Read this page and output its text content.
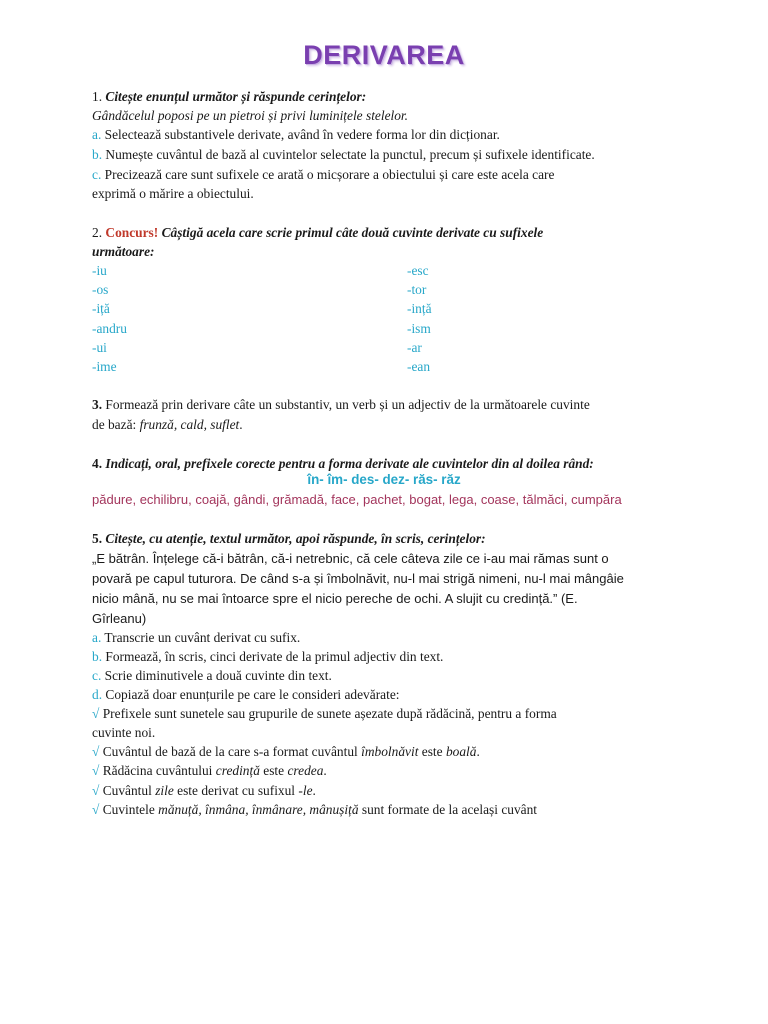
DERIVAREA
1. Citește enunțul următor și răspunde cerințelor:
Gândăcelul poposi pe un pietroi și privi luminițele stelelor.
a. Selectează substantivele derivate, având în vedere forma lor din dicționar.
b. Numește cuvântul de bază al cuvintelor selectate la punctul, precum și sufixele identificate.
c. Precizează care sunt sufixele ce arată o micșorare a obiectului și care este acela care
exprimă o mărire a obiectului.
2. Concurs! Câștigă acela care scrie primul câte două cuvinte derivate cu sufixele
următoare:
-iu
-os
-iță
-andru
-ui
-ime
-esc
-tor
-ință
-ism
-ar
-ean
3. Formează prin derivare câte un substantiv, un verb și un adjectiv de la următoarele cuvinte
de bază: frunză, cald, suflet.
4. Indicați, oral, prefixele corecte pentru a forma derivate ale cuvintelor din al doilea rând:
în- îm- des- dez- răs- răz
pădure, echilibru, coajă, gândi, grămadă, face, pachet, bogat, lega, coase, tălmăci, cumpăra
5. Citește, cu atenție, textul următor, apoi răspunde, în scris, cerințelor:
„E bătrân. Înțelege că-i bătrân, că-i netrebnic, că cele câteva zile ce i-au mai rămas sunt o
povară pe capul tuturora. De când s-a și îmbolnăvit, nu-l mai strigă nimeni, nu-l mai mângâie
nicio mână, nu se mai întoarce spre el nicio pereche de ochi. A slujit cu credință.” (E.
Gîrleanu)
a. Transcrie un cuvânt derivat cu sufix.
b. Formează, în scris, cinci derivate de la primul adjectiv din text.
c. Scrie diminutivele a două cuvinte din text.
d. Copiază doar enunțurile pe care le consideri adevărate:
√ Prefixele sunt sunetele sau grupurile de sunete așezate după rădăcină, pentru a forma
cuvinte noi.
√ Cuvântul de bază de la care s-a format cuvântul îmbolnăvit este boală.
√ Rădăcina cuvântului credință este credea.
√ Cuvântul zile este derivat cu sufixul -le.
√ Cuvintele mănuță, înmâna, înmânare, mânușiță sunt formate de la același cuvânt
